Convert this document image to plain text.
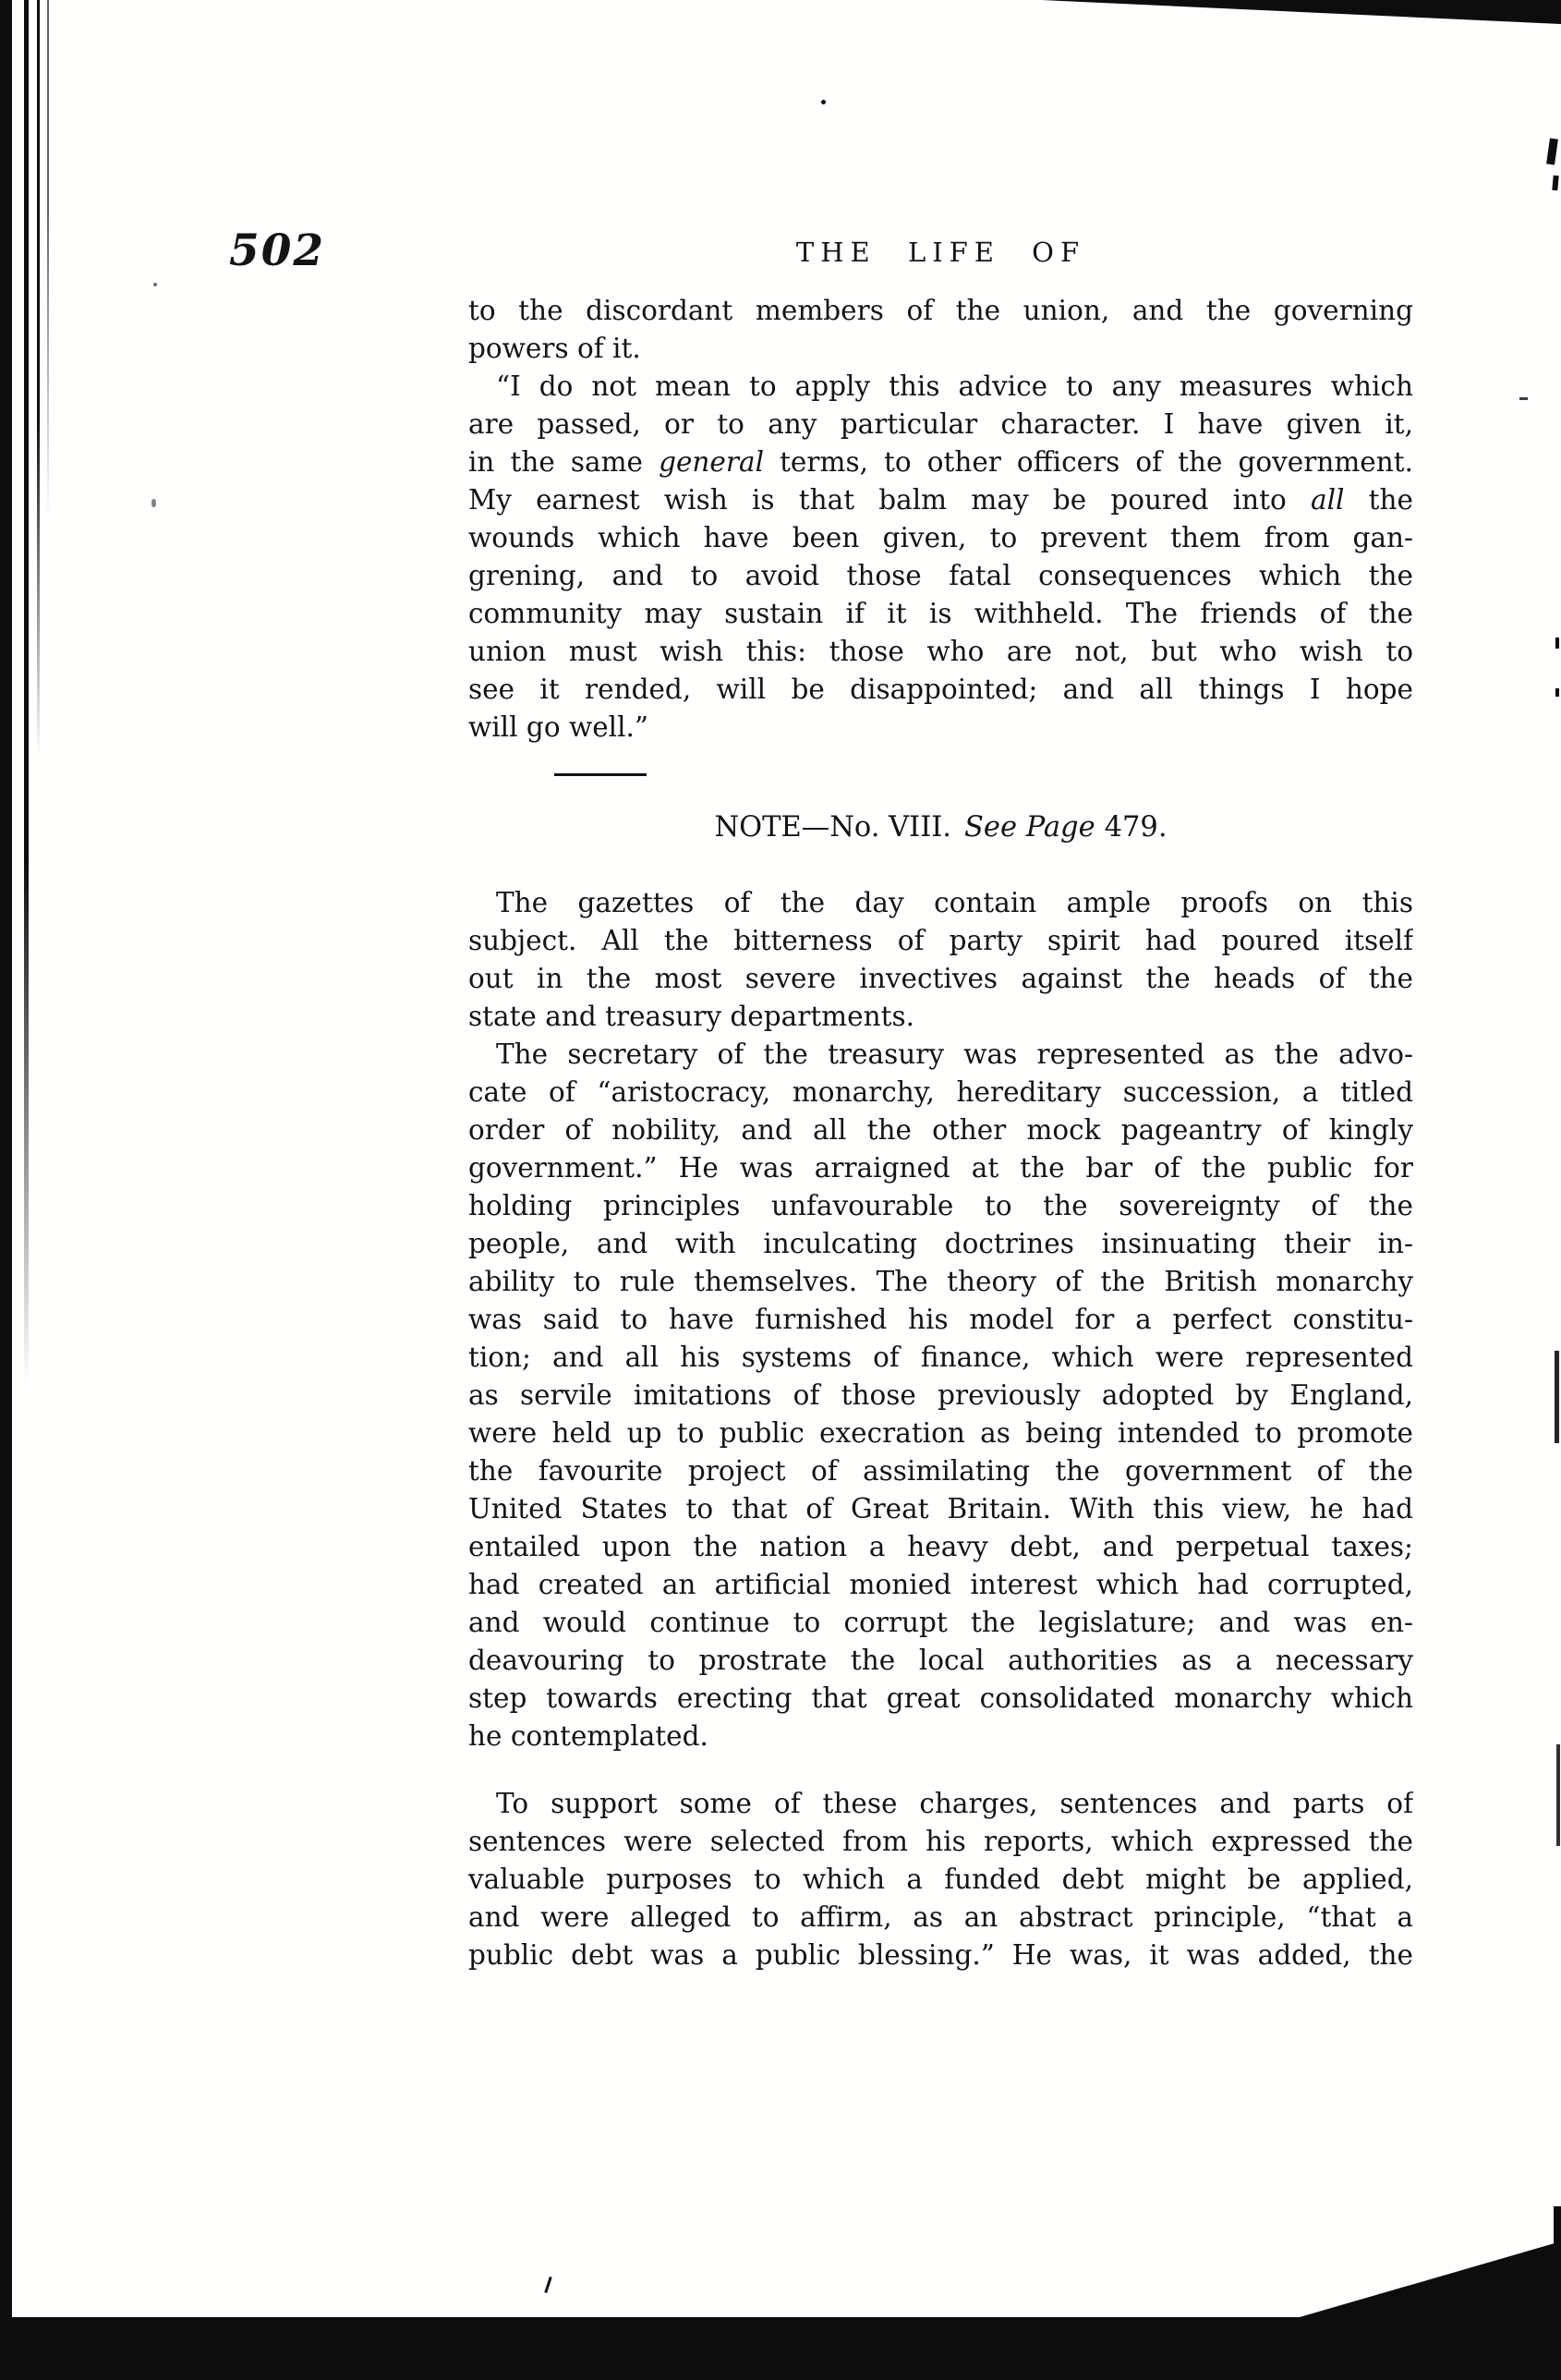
502	THE LIFE OF
to the discordant members of the union, and the governing
powers of it.
“I do not mean to apply this advice to any measures which
are passed, or to any particular character. I have given it,
in the same general terms, to other officers of the government.
My earnest wish is that balm may be poured into all the
wounds which have been given, to prevent them from gan-
grening, and to avoid those fatal consequences which the
community may sustain if it is withheld. The friends of the
union must wish this: those who are not, but who wish to
see it rended, will be disappointed; and all things I hope
will go well.”
NOTE—No. VIII. See Page 479.
The gazettes of the day contain ample proofs on this
subject. All the bitterness of party spirit had poured itself
out in the most severe invectives against the heads of the
state and treasury departments.
The secretary of the treasury was represented as the advo-
cate of “aristocracy, monarchy, hereditary succession, a titled
order of nobility, and all the other mock pageantry of kingly
government.” He was arraigned at the bar of the public for
holding principles unfavourable to the sovereignty of the
people, and with inculcating doctrines insinuating their in-
ability to rule themselves. The theory of the British monarchy
was said to have furnished his model for a perfect constitu-
tion; and all his systems of finance, which were represented
as servile imitations of those previously adopted by England,
were held up to public execration as being intended to promote
the favourite project of assimilating the government of the
United States to that of Great Britain. With this view, he had
entailed upon the nation a heavy debt, and perpetual taxes;
had created an artificial monied interest which had corrupted,
and would continue to corrupt the legislature; and was en-
deavouring to prostrate the local authorities as a necessary
step towards erecting that great consolidated monarchy which
he contemplated.
To support some of these charges, sentences and parts of
sentences were selected from his reports, which expressed the
valuable purposes to which a funded debt might be applied,
and were alleged to affirm, as an abstract principle, “that a
public debt was a public blessing.” He was, it was added, the
